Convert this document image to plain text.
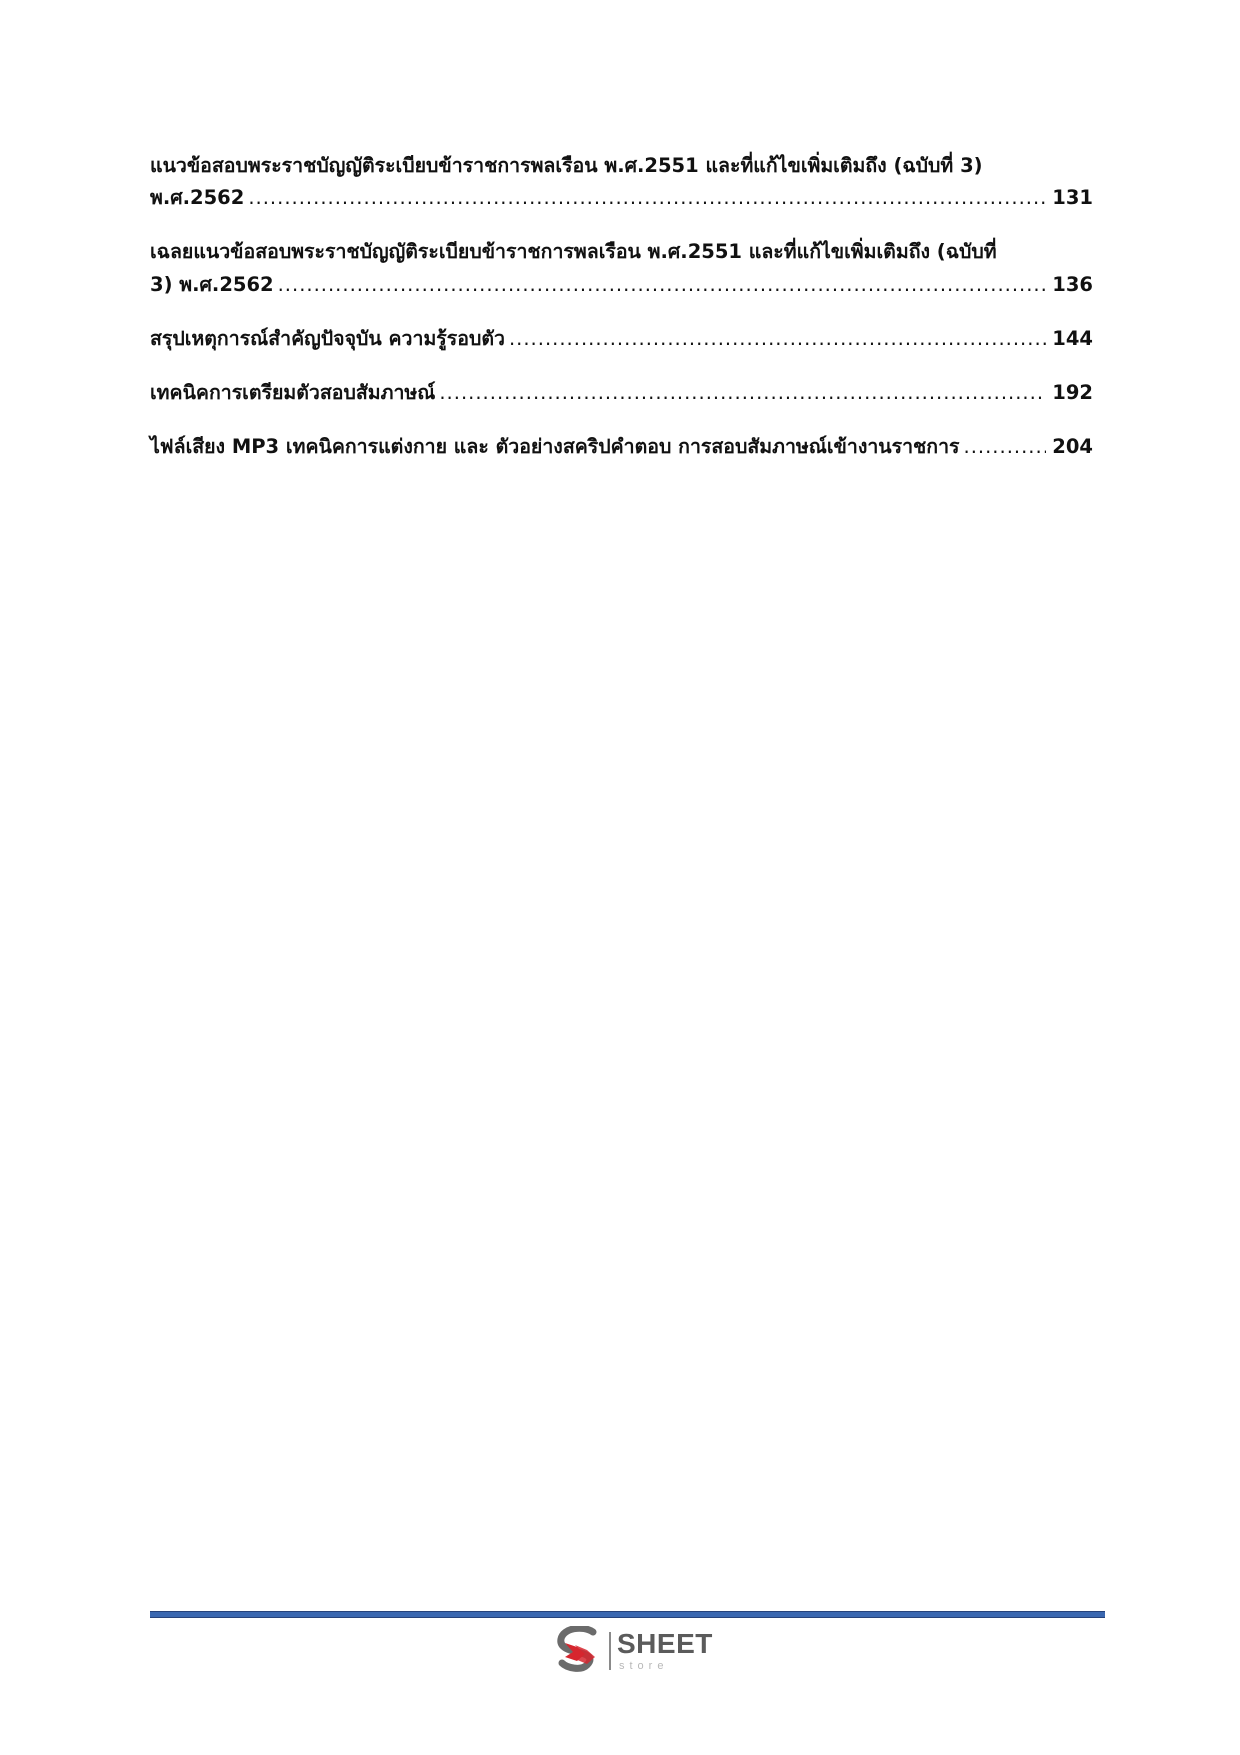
แนวข้อสอบพระราชบัญญัติระเบียบข้าราชการพลเรือน พ.ศ.2551 และที่แก้ไขเพิ่มเติมถึง (ฉบับที่ 3)
พ.ศ.2562 .....	131
เฉลยแนวข้อสอบพระราชบัญญัติระเบียบข้าราชการพลเรือน พ.ศ.2551 และที่แก้ไขเพิ่มเติมถึง (ฉบับที่
3) พ.ศ.2562 .....	136
สรุปเหตุการณ์สำคัญปัจจุบัน ความรู้รอบตัว .....	144
เทคนิคการเตรียมตัวสอบสัมภาษณ์ .....	192
ไฟล์เสียง MP3 เทคนิคการแต่งกาย และ ตัวอย่างสคริปคำตอบ การสอบสัมภาษณ์เข้างานราชการ .....	204
SHEET
store
